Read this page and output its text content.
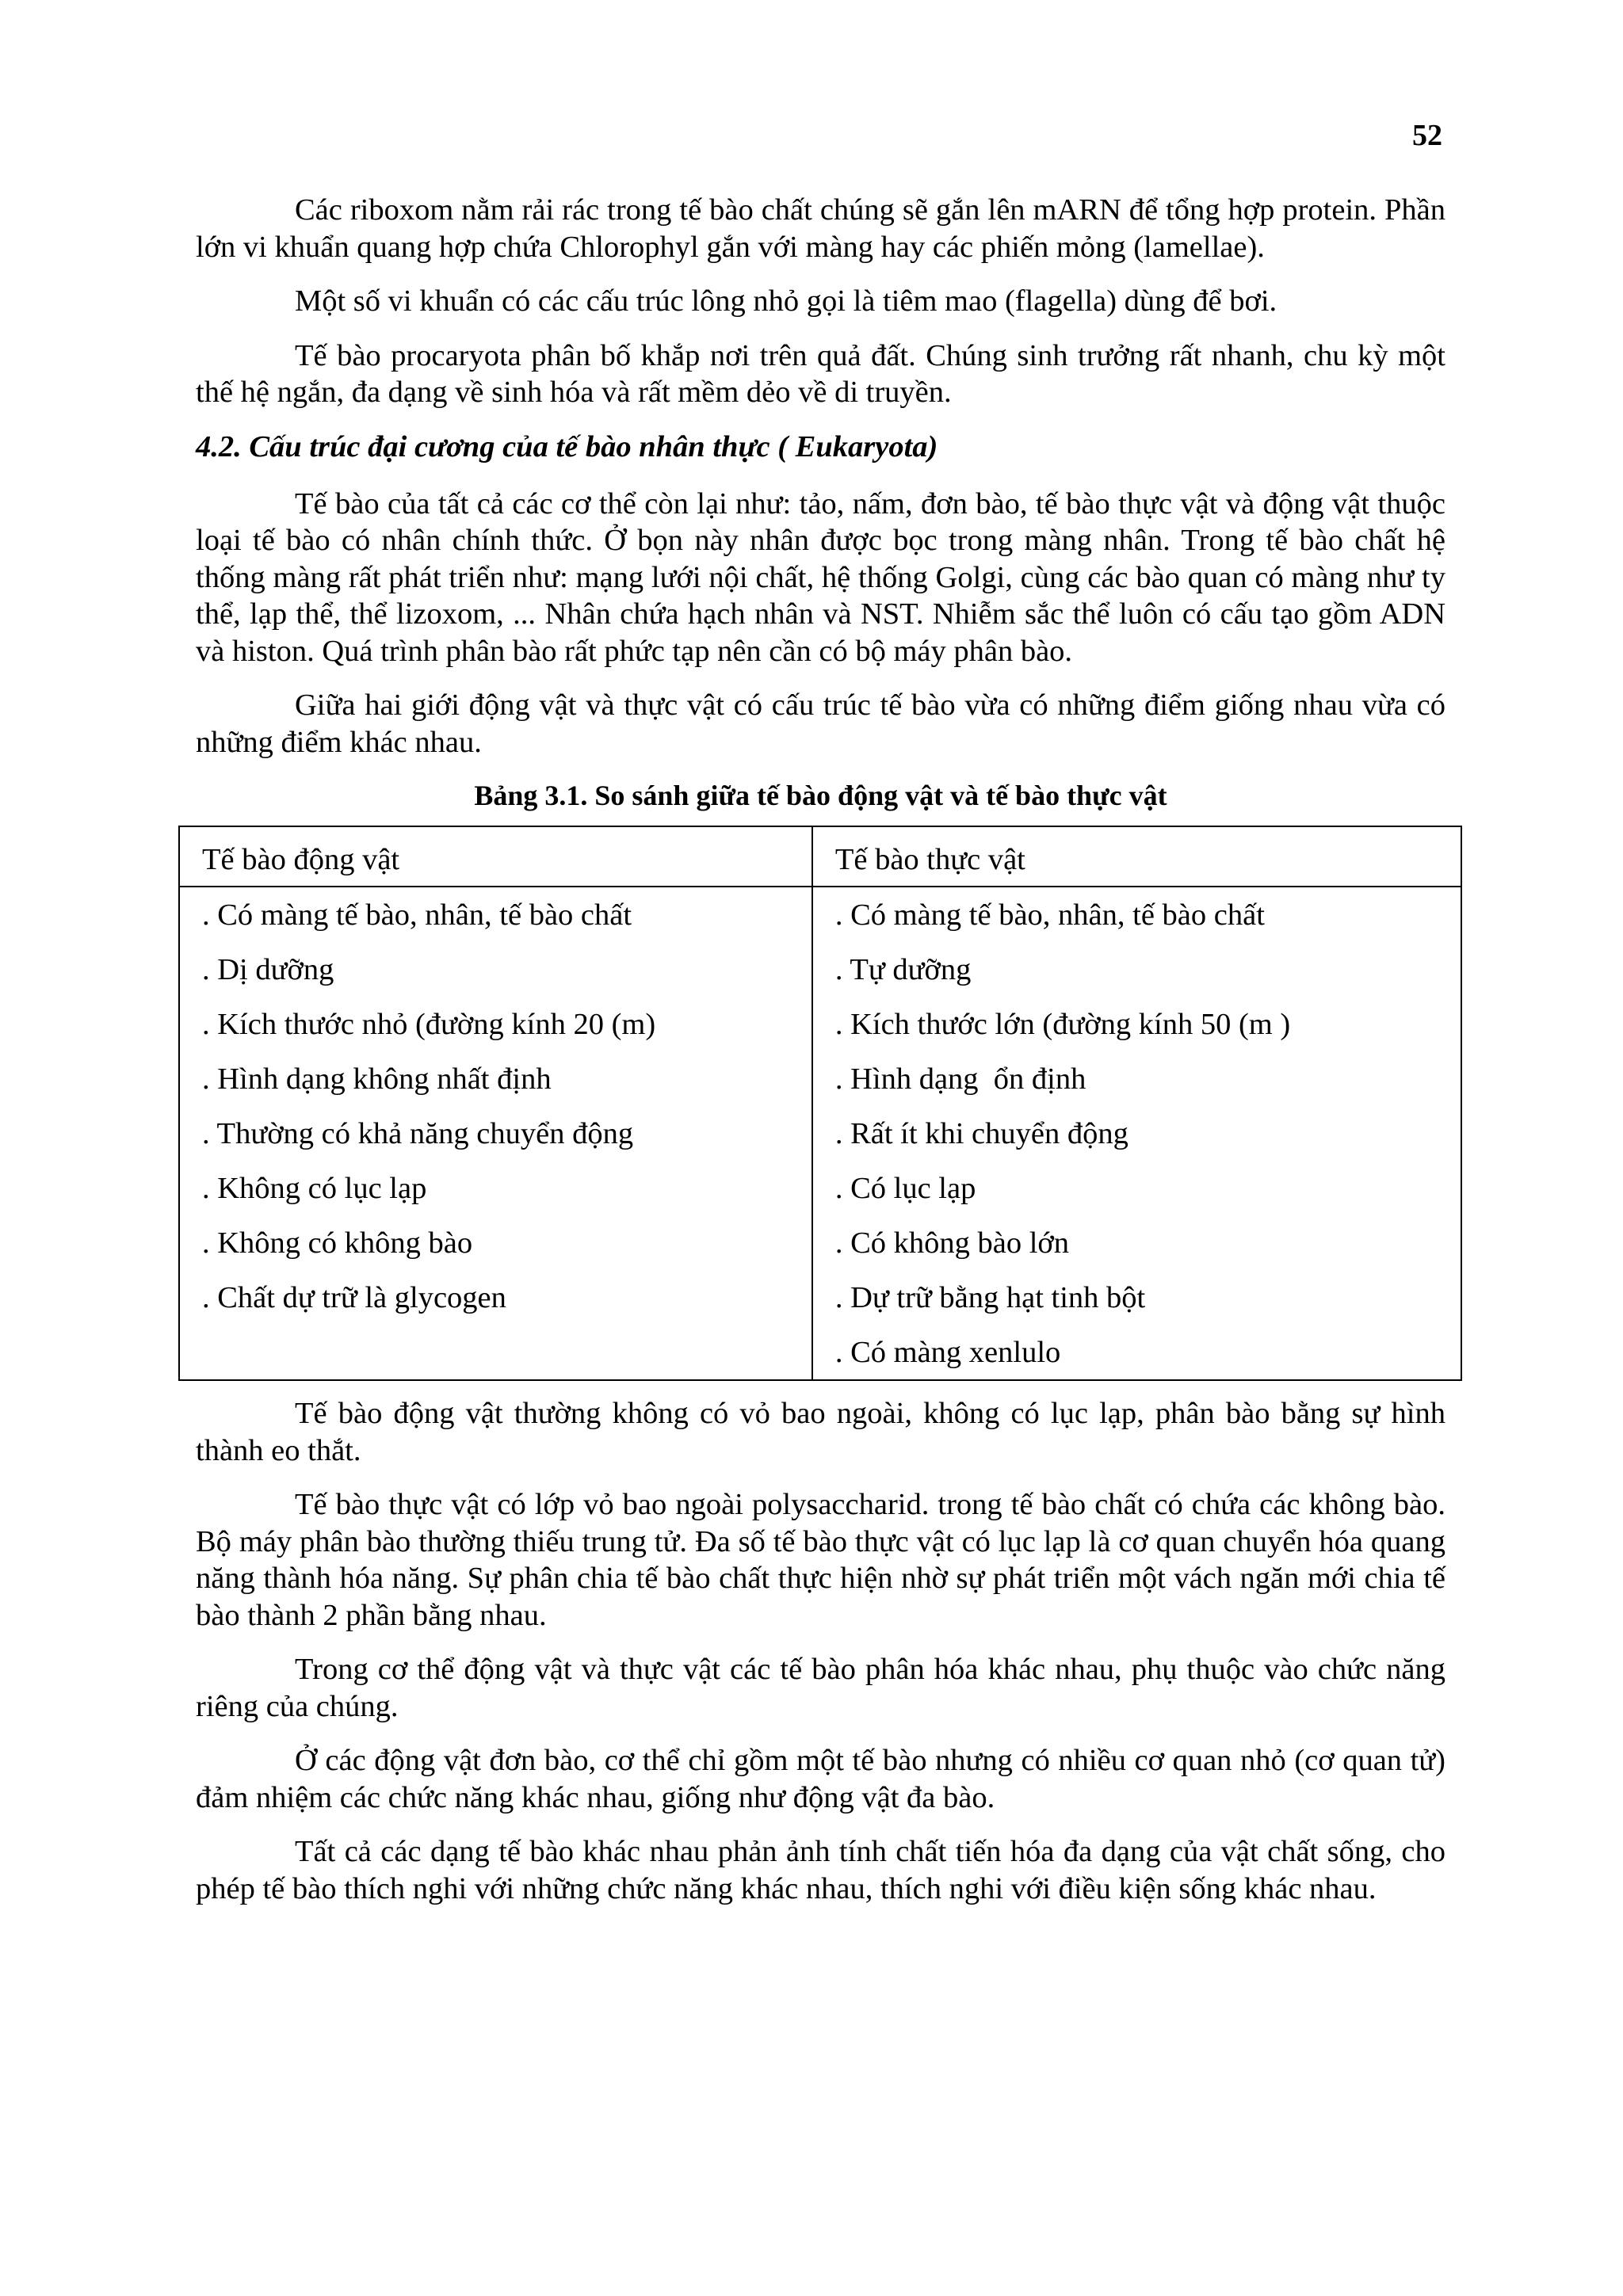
52

Các riboxom nằm rải rác trong tế bào chất chúng sẽ gắn lên mARN để tổng hợp protein. Phần lớn vi khuẩn quang hợp chứa Chlorophyl gắn với màng hay các phiến mỏng (lamellae).

Một số vi khuẩn có các cấu trúc lông nhỏ gọi là tiêm mao (flagella) dùng để bơi.

Tế bào procaryota phân bố khắp nơi trên quả đất. Chúng sinh trưởng rất nhanh, chu kỳ một thế hệ ngắn, đa dạng về sinh hóa và rất mềm dẻo về di truyền.

4.2. Cấu trúc đại cương của tế bào nhân thực ( Eukaryota)

Tế bào của tất cả các cơ thể còn lại như: tảo, nấm, đơn bào, tế bào thực vật và động vật thuộc loại tế bào có nhân chính thức. Ở bọn này nhân được bọc trong màng nhân. Trong tế bào chất hệ thống màng rất phát triển như: mạng lưới nội chất, hệ thống Golgi, cùng các bào quan có màng như ty thể, lạp thể, thể lizoxom, ... Nhân chứa hạch nhân và NST. Nhiễm sắc thể luôn có cấu tạo gồm ADN và histon. Quá trình phân bào rất phức tạp nên cần có bộ máy phân bào.

Giữa hai giới động vật và thực vật có cấu trúc tế bào vừa có những điểm giống nhau vừa có những điểm khác nhau.

Bảng 3.1. So sánh giữa tế bào động vật và tế bào thực vật
Tế bào động vật	Tế bào thực vật
. Có màng tế bào, nhân, tế bào chất	. Có màng tế bào, nhân, tế bào chất
. Dị dưỡng	. Tự dưỡng
. Kích thước nhỏ (đường kính 20 (m)	. Kích thước lớn (đường kính 50 (m )
. Hình dạng không nhất định	. Hình dạng  ổn định
. Thường có khả năng chuyển động	. Rất ít khi chuyển động
. Không có lục lạp	. Có lục lạp
. Không có không bào	. Có không bào lớn
. Chất dự trữ là glycogen	. Dự trữ bằng hạt tinh bột
	. Có màng xenlulo

Tế bào động vật thường không có vỏ bao ngoài, không có lục lạp, phân bào bằng sự hình thành eo thắt.

Tế bào thực vật có lớp vỏ bao ngoài polysaccharid. trong tế bào chất có chứa các không bào. Bộ máy phân bào thường thiếu trung tử. Đa số tế bào thực vật có lục lạp là cơ quan chuyển hóa quang năng thành hóa năng. Sự phân chia tế bào chất thực hiện nhờ sự phát triển một vách ngăn mới chia tế bào thành 2 phần bằng nhau.

Trong cơ thể động vật và thực vật các tế bào phân hóa khác nhau, phụ thuộc vào chức năng riêng của chúng.

Ở các động vật đơn bào, cơ thể chỉ gồm một tế bào nhưng có nhiều cơ quan nhỏ (cơ quan tử) đảm nhiệm các chức năng khác nhau, giống như động vật đa bào.

Tất cả các dạng tế bào khác nhau phản ảnh tính chất tiến hóa đa dạng của vật chất sống, cho phép tế bào thích nghi với những chức năng khác nhau, thích nghi với điều kiện sống khác nhau.
